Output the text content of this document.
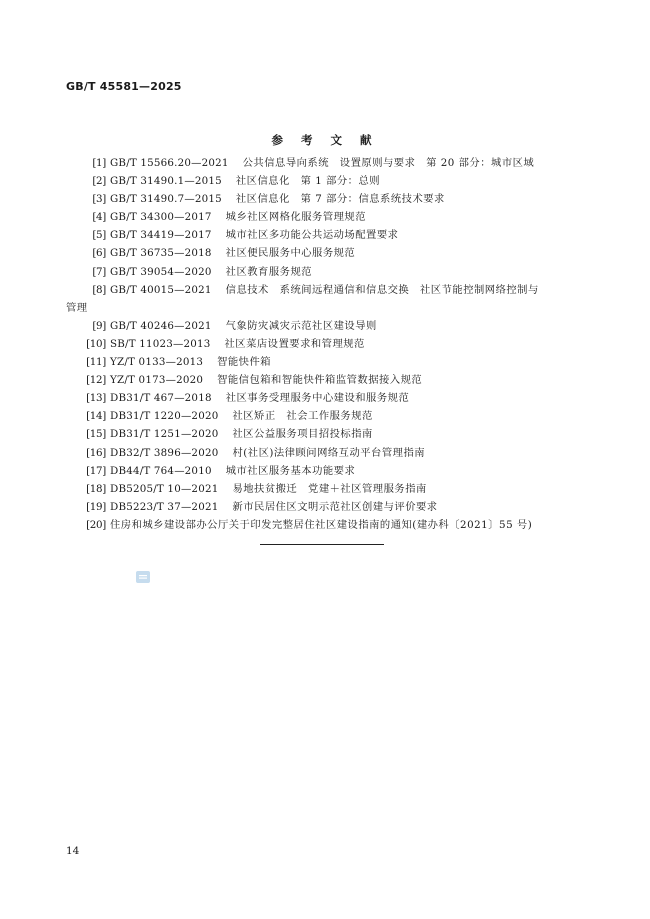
GB/T 45581—2025
参 考 文 献
[1] GB/T 15566.20—2021 公共信息导向系统　设置原则与要求　第 20 部分：城市区域
[2] GB/T 31490.1—2015 社区信息化　第 1 部分：总则
[3] GB/T 31490.7—2015 社区信息化　第 7 部分：信息系统技术要求
[4] GB/T 34300—2017 城乡社区网格化服务管理规范
[5] GB/T 34419—2017 城市社区多功能公共运动场配置要求
[6] GB/T 36735—2018 社区便民服务中心服务规范
[7] GB/T 39054—2020 社区教育服务规范
[8] GB/T 40015—2021 信息技术　系统间远程通信和信息交换　社区节能控制网络控制与
管理
[9] GB/T 40246—2021 气象防灾减灾示范社区建设导则
[10] SB/T 11023—2013 社区菜店设置要求和管理规范
[11] YZ/T 0133—2013 智能快件箱
[12] YZ/T 0173—2020 智能信包箱和智能快件箱监管数据接入规范
[13] DB31/T 467—2018 社区事务受理服务中心建设和服务规范
[14] DB31/T 1220—2020 社区矫正　社会工作服务规范
[15] DB31/T 1251—2020 社区公益服务项目招投标指南
[16] DB32/T 3896—2020 村(社区)法律顾问网络互动平台管理指南
[17] DB44/T 764—2010 城市社区服务基本功能要求
[18] DB5205/T 10—2021 易地扶贫搬迁　党建＋社区管理服务指南
[19] DB5223/T 37—2021 新市民居住区文明示范社区创建与评价要求
[20] 住房和城乡建设部办公厅关于印发完整居住社区建设指南的通知(建办科〔2021〕55 号)
14
